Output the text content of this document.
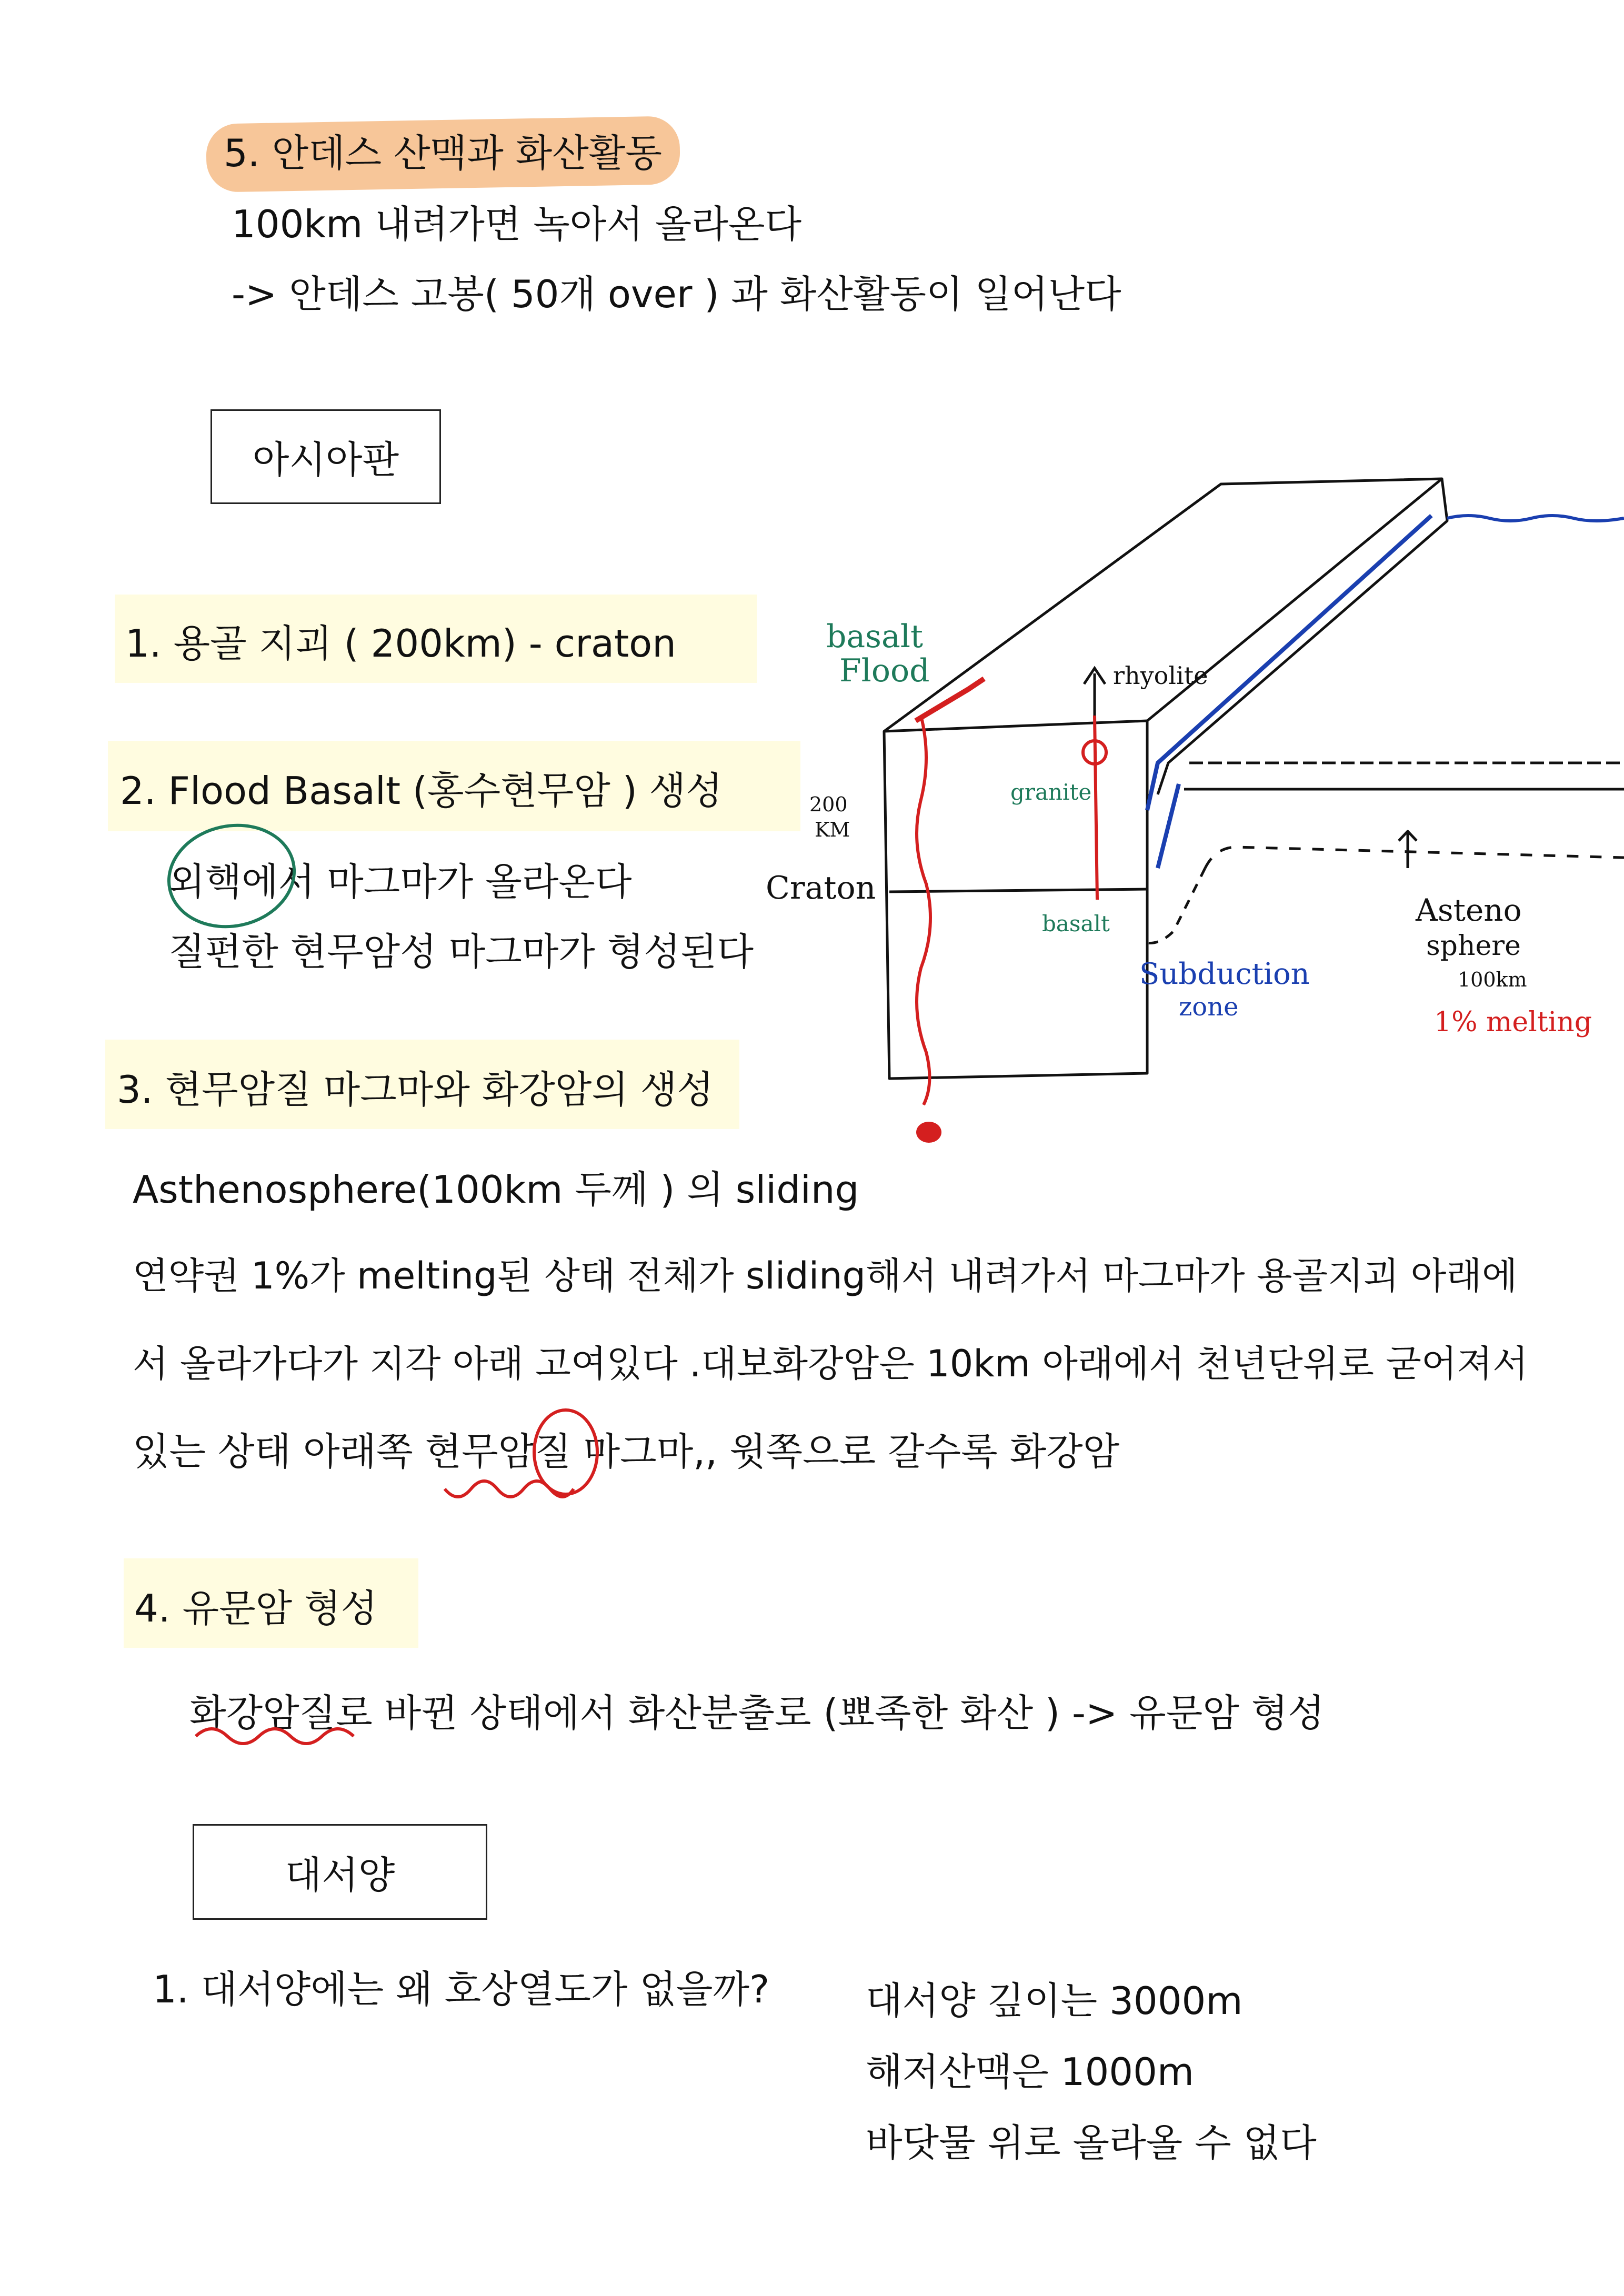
5. 안데스 산맥과 화산활동
100km 내려가면 녹아서 올라온다
-> 안데스 고봉( 50개 over ) 과 화산활동이 일어난다
아시아판
1. 용골 지괴 ( 200km) - craton
2. Flood Basalt (홍수현무암 ) 생성
외핵에서 마그마가 올라온다
질펀한 현무암성 마그마가 형성된다
3. 현무암질 마그마와 화강암의 생성
Asthenosphere(100km 두께 ) 의 sliding
연약권 1%가 melting된 상태 전체가 sliding해서 내려가서 마그마가 용골지괴 아래에
서 올라가다가 지각 아래 고여있다 .대보화강암은 10km 아래에서 천년단위로 굳어져서
있는 상태 아래쪽 현무암질 마그마,, 윗쪽으로 갈수록 화강암
4. 유문암 형성
화강암질로 바뀐 상태에서 화산분출로 (뾰족한 화산 ) -> 유문암 형성
대서양
1. 대서양에는 왜 호상열도가 없을까?	대서양 깊이는 3000m
해저산맥은 1000m
바닷물 위로 올라올 수 없다
basalt
Flood	rhyolite
granite
200
KM
Craton
basalt
Subduction
zone
Asteno
sphere
100km
1% melting
